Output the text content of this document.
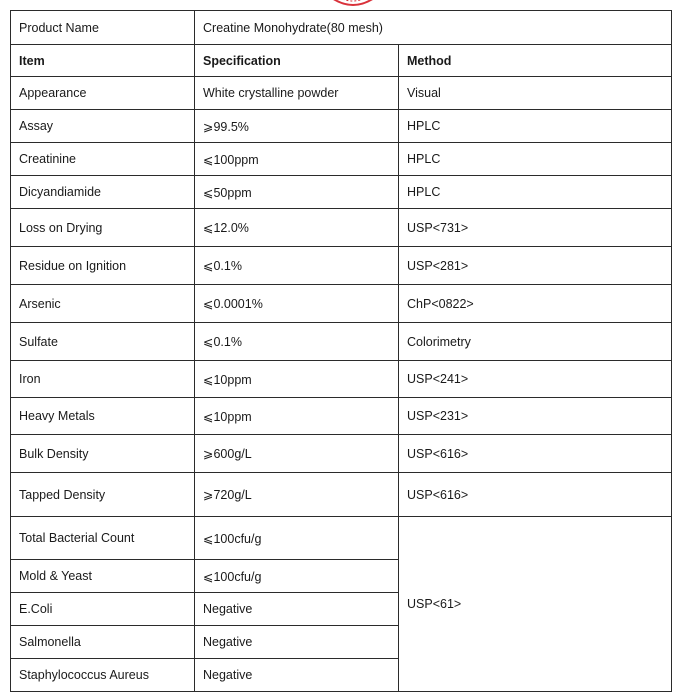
Product Name	Creatine Monohydrate(80 mesh)	
Item	Specification	Method
Appearance	White crystalline powder	Visual
Assay	⩾99.5%	HPLC
Creatinine	⩽100ppm	HPLC
Dicyandiamide	⩽50ppm	HPLC
Loss on Drying	⩽12.0%	USP<731>
Residue on Ignition	⩽0.1%	USP<281>
Arsenic	⩽0.0001%	ChP<0822>
Sulfate	⩽0.1%	Colorimetry
Iron	⩽10ppm	USP<241>
Heavy Metals	⩽10ppm	USP<231>
Bulk Density	⩾600g/L	USP<616>
Tapped Density	⩾720g/L	USP<616>
Total Bacterial Count	⩽100cfu/g	USP<61>
Mold & Yeast	⩽100cfu/g	
E.Coli	Negative	
Salmonella	Negative	
Staphylococcus Aureus	Negative	
